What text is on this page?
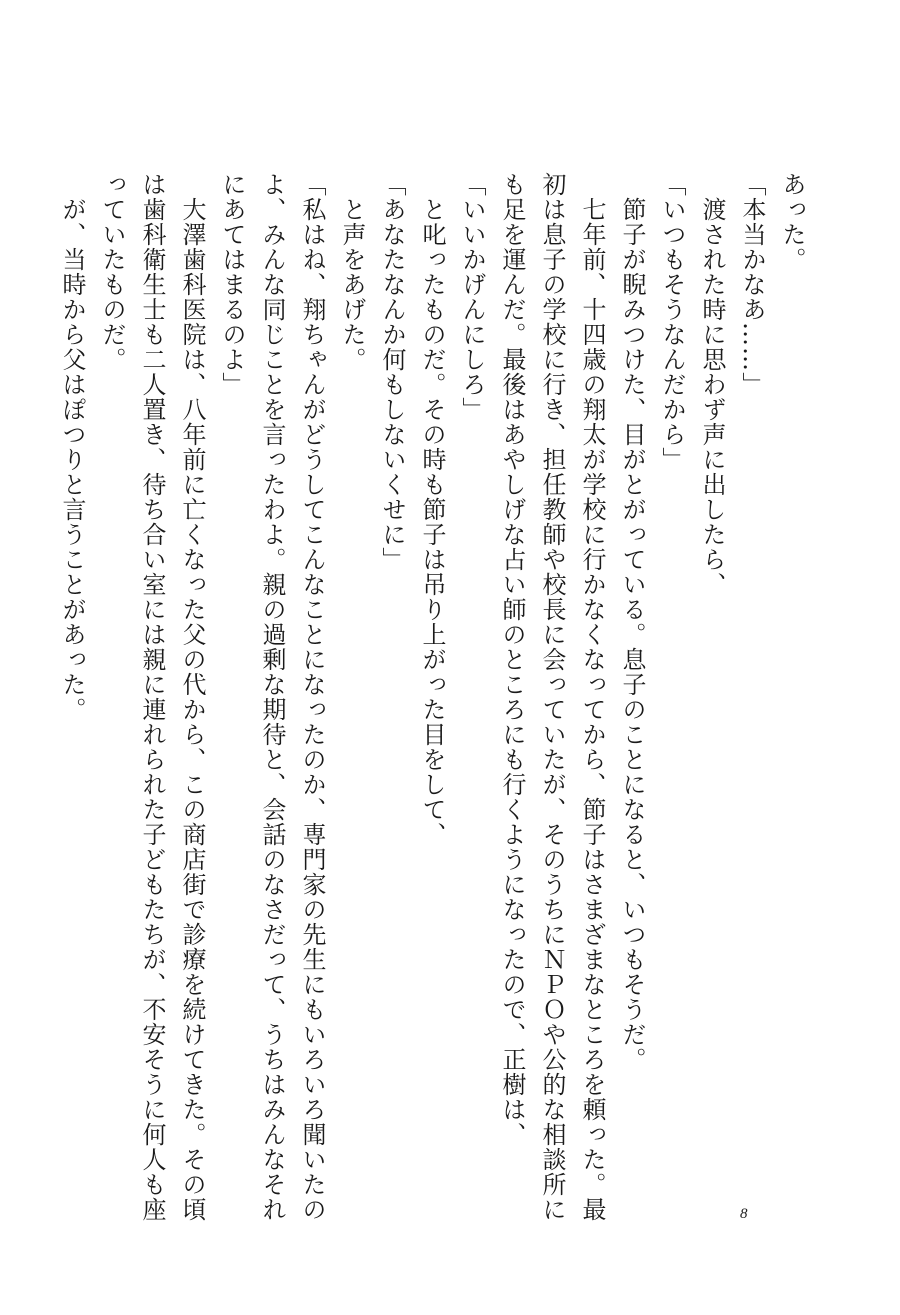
あった。
「本当かなあ……」
　渡された時に思わず声に出したら、
「いつもそうなんだから」
　節子が睨みつけた、目がとがっている。息子のことになると、いつもそうだ。
　七年前、十四歳の翔太が学校に行かなくなってから、節子はさまざまなところを頼った。最
初は息子の学校に行き、担任教師や校長に会っていたが、そのうちにＮＰＯや公的な相談所に
も足を運んだ。最後はあやしげな占い師のところにも行くようになったので、正樹は、
「いいかげんにしろ」
　と叱ったものだ。その時も節子は吊り上がった目をして、
「あなたなんか何もしないくせに」
　と声をあげた。
「私はね、翔ちゃんがどうしてこんなことになったのか、専門家の先生にもいろいろ聞いたの
よ、みんな同じことを言ったわよ。親の過剰な期待と、会話のなさだって、うちはみんなそれ
にあてはまるのよ」
　大澤歯科医院は、八年前に亡くなった父の代から、この商店街で診療を続けてきた。その頃
は歯科衛生士も二人置き、待ち合い室には親に連れられた子どもたちが、不安そうに何人も座
っていたものだ。
　が、当時から父はぽつりと言うことがあった。
8
